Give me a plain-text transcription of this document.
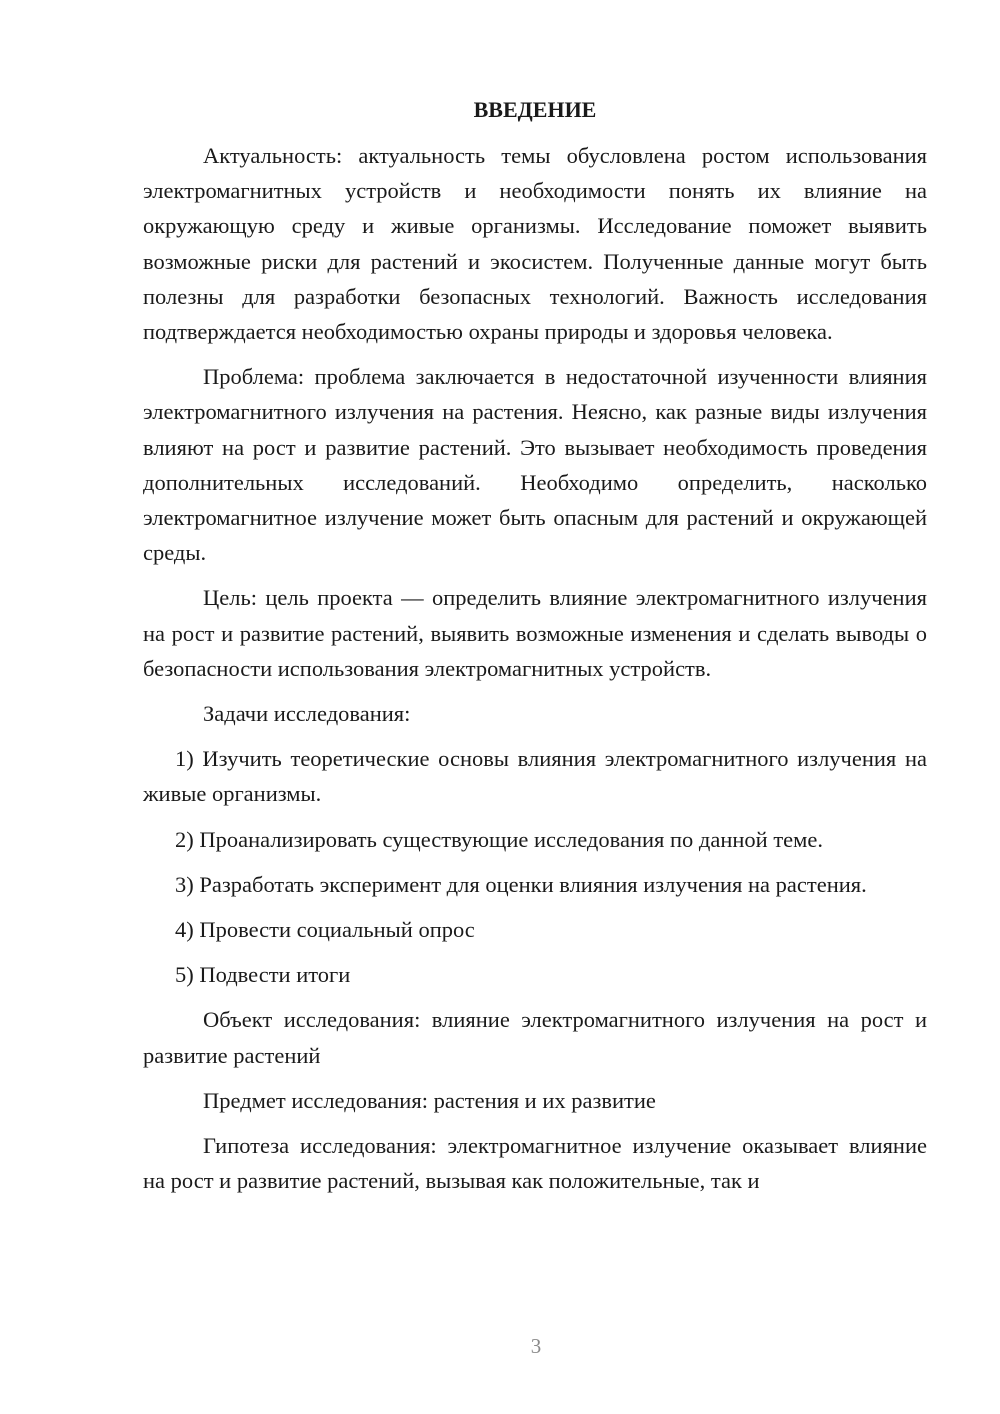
ВВЕДЕНИЕ

Актуальность: актуальность темы обусловлена ростом использования электромагнитных устройств и необходимости понять их влияние на окружающую среду и живые организмы. Исследование поможет выявить возможные риски для растений и экосистем. Полученные данные могут быть полезны для разработки безопасных технологий. Важность исследования подтверждается необходимостью охраны природы и здоровья человека.

Проблема: проблема заключается в недостаточной изученности влияния электромагнитного излучения на растения. Неясно, как разные виды излучения влияют на рост и развитие растений. Это вызывает необходимость проведения дополнительных исследований. Необходимо определить, насколько электромагнитное излучение может быть опасным для растений и окружающей среды.

Цель: цель проекта — определить влияние электромагнитного излучения на рост и развитие растений, выявить возможные изменения и сделать выводы о безопасности использования электромагнитных устройств.

Задачи исследования:

1) Изучить теоретические основы влияния электромагнитного излучения на живые организмы.

2) Проанализировать существующие исследования по данной теме.

3) Разработать эксперимент для оценки влияния излучения на растения.

4) Провести социальный опрос

5) Подвести итоги

Объект исследования: влияние электромагнитного излучения на рост и развитие растений

Предмет исследования: растения и их развитие

Гипотеза исследования: электромагнитное излучение оказывает влияние на рост и развитие растений, вызывая как положительные, так и

3
